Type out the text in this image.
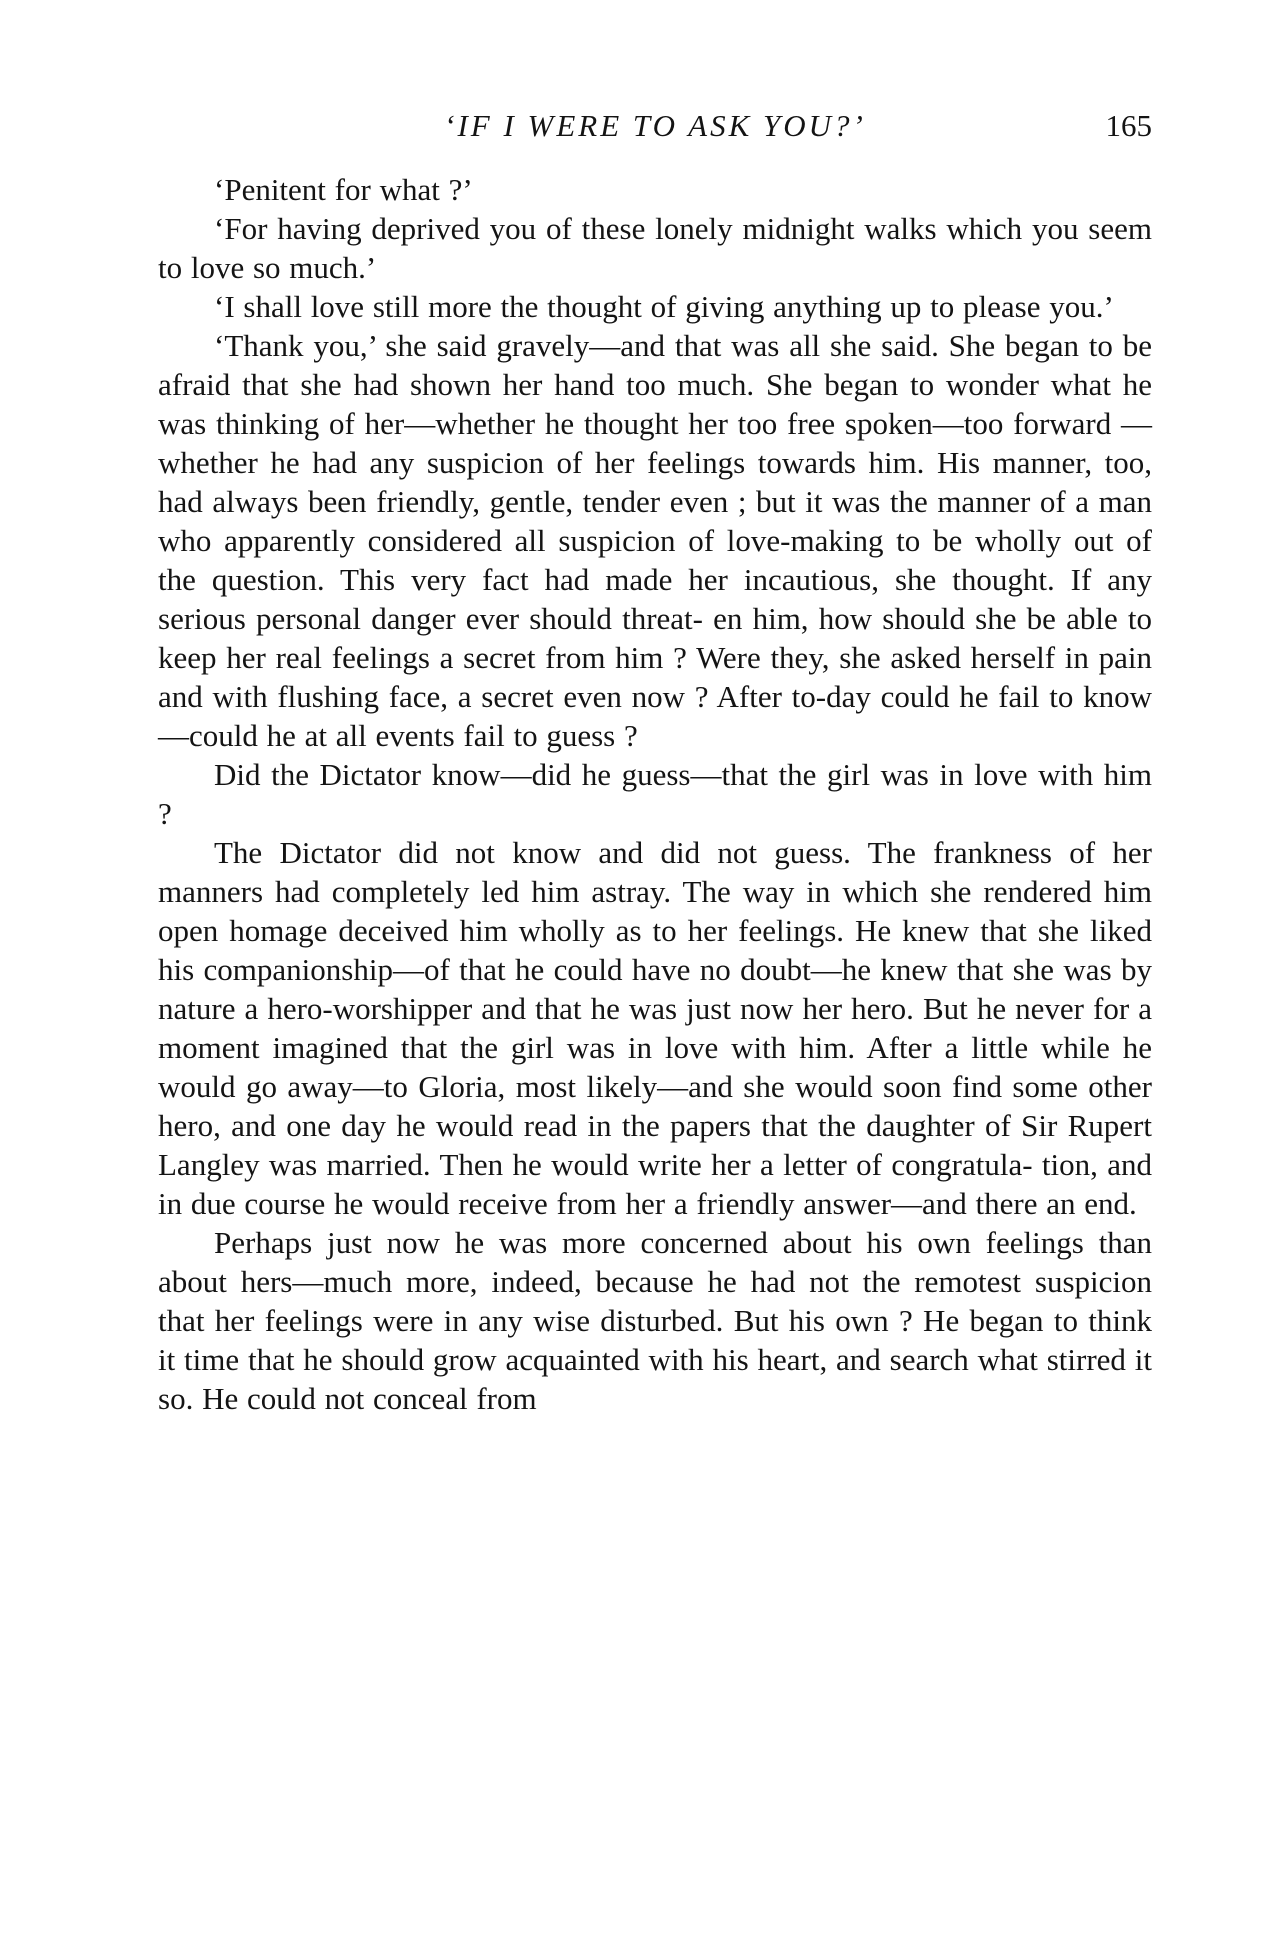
‘IF I WERE TO ASK YOU?’	165

‘Penitent for what ?’

‘For having deprived you of these lonely midnight walks which you seem to love so much.’

‘I shall love still more the thought of giving anything up to please you.’

‘Thank you,’ she said gravely—and that was all she said. She began to be afraid that she had shown her hand too much. She began to wonder what he was thinking of her—whether he thought her too free spoken—too forward —whether he had any suspicion of her feelings towards him. His manner, too, had always been friendly, gentle, tender even ; but it was the manner of a man who apparently considered all suspicion of love-making to be wholly out of the question. This very fact had made her incautious, she thought. If any serious personal danger ever should threat- en him, how should she be able to keep her real feelings a secret from him ? Were they, she asked herself in pain and with flushing face, a secret even now ? After to-day could he fail to know—could he at all events fail to guess ?

Did the Dictator know—did he guess—that the girl was in love with him ?

The Dictator did not know and did not guess. The frankness of her manners had completely led him astray. The way in which she rendered him open homage deceived him wholly as to her feelings. He knew that she liked his companionship—of that he could have no doubt—he knew that she was by nature a hero-worshipper and that he was just now her hero. But he never for a moment imagined that the girl was in love with him. After a little while he would go away—to Gloria, most likely—and she would soon find some other hero, and one day he would read in the papers that the daughter of Sir Rupert Langley was married. Then he would write her a letter of congratula- tion, and in due course he would receive from her a friendly answer—and there an end.

Perhaps just now he was more concerned about his own feelings than about hers—much more, indeed, because he had not the remotest suspicion that her feelings were in any wise disturbed. But his own ? He began to think it time that he should grow acquainted with his heart, and search what stirred it so. He could not conceal from
